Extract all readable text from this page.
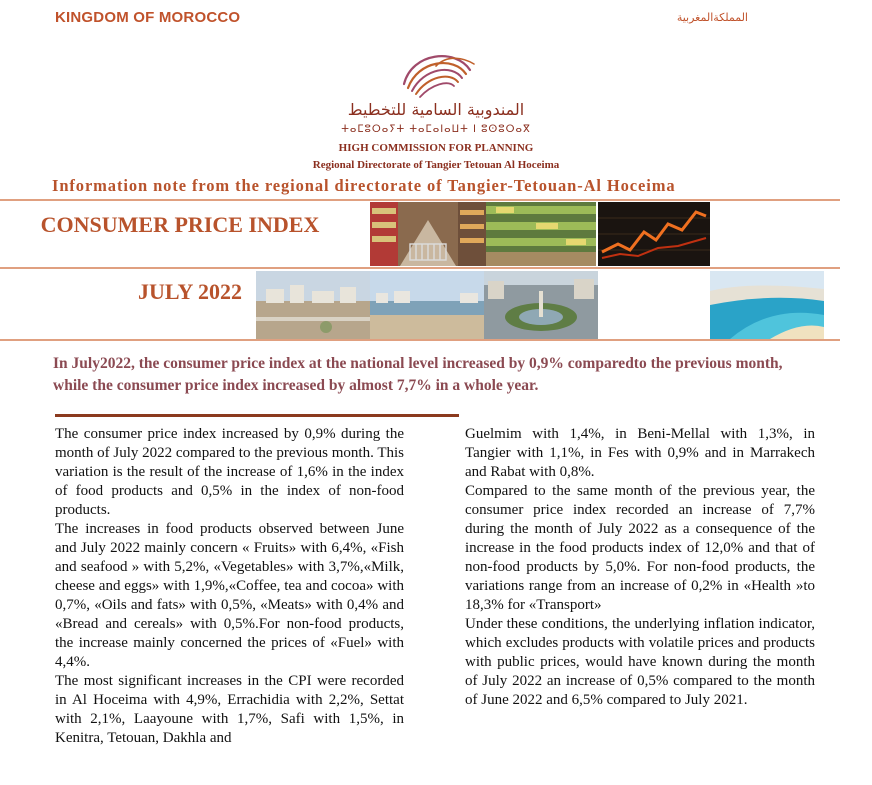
KINGDOM OF MOROCCO	المملكةالمغربية
المندوبية السامية للتخطيط
ⵜⴰⵎⵓⵔⴰⵢⵜ ⵜⴰⵎⴰⵏⴰⵡⵜ ⵏ ⵓⵙⵓⵔⴰⴳ
HIGH COMMISSION FOR PLANNING
Regional Directorate of Tangier Tetouan Al Hoceima
Information note from the regional directorate of Tangier-Tetouan-Al Hoceima
CONSUMER PRICE INDEX
JULY 2022
In July2022, the consumer price index at the national level increased by 0,9% comparedto the previous month, while the consumer price index increased by almost 7,7% in a whole year.

The consumer price index increased by 0,9% during the month of July 2022 compared to the previous month. This variation is the result of the increase of 1,6% in the index of food products and 0,5% in the index of non-food products.

The increases in food products observed between June and July 2022 mainly concern « Fruits» with 6,4%, «Fish and seafood » with 5,2%, «Vegetables» with 3,7%,«Milk, cheese and eggs» with 1,9%,«Coffee, tea and cocoa» with 0,7%, «Oils and fats» with 0,5%, «Meats» with 0,4% and «Bread and cereals» with 0,5%.For non-food products, the increase mainly concerned the prices of «Fuel» with 4,4%.

The most significant increases in the CPI were recorded in Al Hoceima with 4,9%, Errachidia with 2,2%, Settat with 2,1%, Laayoune with 1,7%, Safi with 1,5%, in Kenitra, Tetouan, Dakhla and

Guelmim with 1,4%, in Beni-Mellal with 1,3%, in Tangier with 1,1%, in Fes with 0,9% and in Marrakech and Rabat with 0,8%.

Compared to the same month of the previous year, the consumer price index recorded an increase of 7,7% during the month of July 2022 as a consequence of the increase in the food products index of 12,0% and that of non-food products by 5,0%. For non-food products, the variations range from an increase of 0,2% in «Health »to 18,3% for «Transport»

Under these conditions, the underlying inflation indicator, which excludes products with volatile prices and products with public prices, would have known during the month of July 2022 an increase of 0,5% compared to the month of June 2022 and 6,5% compared to July 2021.
